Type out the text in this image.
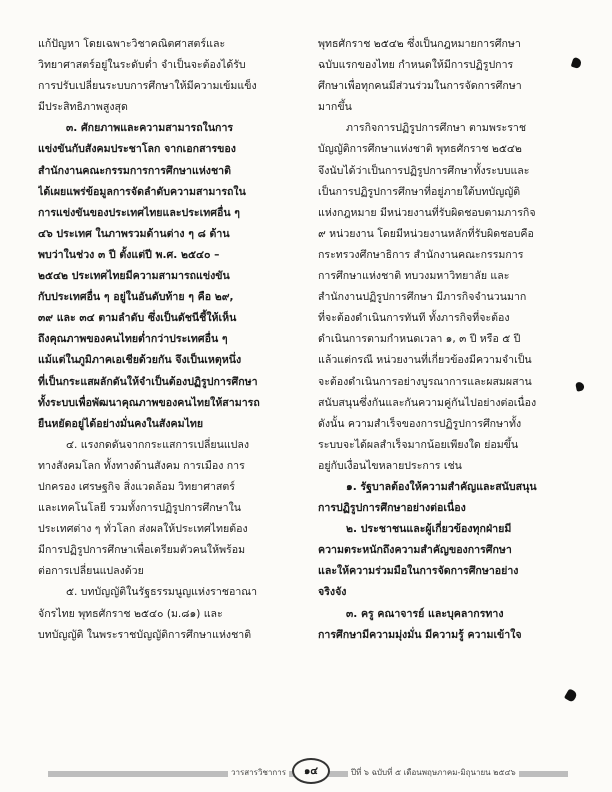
แก้ปัญหา โดยเฉพาะวิชาคณิตศาสตร์และ
วิทยาศาสตร์อยู่ในระดับต่ำ จำเป็นจะต้องได้รับ
การปรับเปลี่ยนระบบการศึกษาให้มีความเข้มแข็ง
มีประสิทธิภาพสูงสุด
๓. ศักยภาพและความสามารถในการ
แข่งขันกับสังคมประชาโลก จากเอกสารของ
สำนักงานคณะกรรมการการศึกษาแห่งชาติ
ได้เผยแพร่ข้อมูลการจัดลำดับความสามารถใน
การแข่งขันของประเทศไทยและประเทศอื่น ๆ
๔๖ ประเทศ ในภาพรวมด้านต่าง ๆ ๘ ด้าน
พบว่าในช่วง ๓ ปี ตั้งแต่ปี พ.ศ. ๒๕๔๐ –
๒๕๔๒ ประเทศไทยมีความสามารถแข่งขัน
กับประเทศอื่น ๆ อยู่ในอันดับท้าย ๆ คือ ๒๙,
๓๙ และ ๓๔ ตามลำดับ ซึ่งเป็นดัชนีชี้ให้เห็น
ถึงคุณภาพของคนไทยต่ำกว่าประเทศอื่น ๆ
แม้แต่ในภูมิภาคเอเชียด้วยกัน จึงเป็นเหตุหนึ่ง
ที่เป็นกระแสผลักดันให้จำเป็นต้องปฏิรูปการศึกษา
ทั้งระบบเพื่อพัฒนาคุณภาพของคนไทยให้สามารถ
ยืนหยัดอยู่ได้อย่างมั่นคงในสังคมไทย
๔. แรงกดดันจากกระแสการเปลี่ยนแปลง
ทางสังคมโลก ทั้งทางด้านสังคม การเมือง การ
ปกครอง เศรษฐกิจ สิ่งแวดล้อม วิทยาศาสตร์
และเทคโนโลยี รวมทั้งการปฏิรูปการศึกษาใน
ประเทศต่าง ๆ ทั่วโลก ส่งผลให้ประเทศไทยต้อง
มีการปฏิรูปการศึกษาเพื่อเตรียมตัวคนให้พร้อม
ต่อการเปลี่ยนแปลงด้วย
๕. บทบัญญัติในรัฐธรรมนูญแห่งราชอาณา
จักรไทย พุทธศักราช ๒๕๔๐ (ม.๘๑) และ
บทบัญญัติ ในพระราชบัญญัติการศึกษาแห่งชาติ
พุทธศักราช ๒๕๔๒ ซึ่งเป็นกฎหมายการศึกษา
ฉบับแรกของไทย กำหนดให้มีการปฏิรูปการ
ศึกษาเพื่อทุกคนมีส่วนร่วมในการจัดการศึกษา
มากขึ้น
ภารกิจการปฏิรูปการศึกษา ตามพระราช
บัญญัติการศึกษาแห่งชาติ พุทธศักราช ๒๕๔๒
จึงนับได้ว่าเป็นการปฏิรูปการศึกษาทั้งระบบและ
เป็นการปฏิรูปการศึกษาที่อยู่ภายใต้บทบัญญัติ
แห่งกฎหมาย มีหน่วยงานที่รับผิดชอบตามภารกิจ
๙ หน่วยงาน โดยมีหน่วยงานหลักที่รับผิดชอบคือ
กระทรวงศึกษาธิการ สำนักงานคณะกรรมการ
การศึกษาแห่งชาติ ทบวงมหาวิทยาลัย และ
สำนักงานปฏิรูปการศึกษา มีภารกิจจำนวนมาก
ที่จะต้องดำเนินการทันที ทั้งภารกิจที่จะต้อง
ดำเนินการตามกำหนดเวลา ๑, ๓ ปี หรือ ๕ ปี
แล้วแต่กรณี หน่วยงานที่เกี่ยวข้องมีความจำเป็น
จะต้องดำเนินการอย่างบูรณาการและผสมผสาน
สนับสนุนซึ่งกันและกันความคู่กันไปอย่างต่อเนื่อง
ดังนั้น ความสำเร็จของการปฏิรูปการศึกษาทั้ง
ระบบจะได้ผลสำเร็จมากน้อยเพียงใด ย่อมขึ้น
อยู่กับเงื่อนไขหลายประการ เช่น
๑. รัฐบาลต้องให้ความสำคัญและสนับสนุน
การปฏิรูปการศึกษาอย่างต่อเนื่อง
๒. ประชาชนและผู้เกี่ยวข้องทุกฝ่ายมี
ความตระหนักถึงความสำคัญของการศึกษา
และให้ความร่วมมือในการจัดการศึกษาอย่าง
จริงจัง
๓. ครู คณาจารย์ และบุคลากรทาง
การศึกษามีความมุ่งมั่น มีความรู้ ความเข้าใจ
วารสารวิชาการ	๑๔	ปีที่ ๖ ฉบับที่ ๕ เดือนพฤษภาคม-มิถุนายน ๒๕๔๖
